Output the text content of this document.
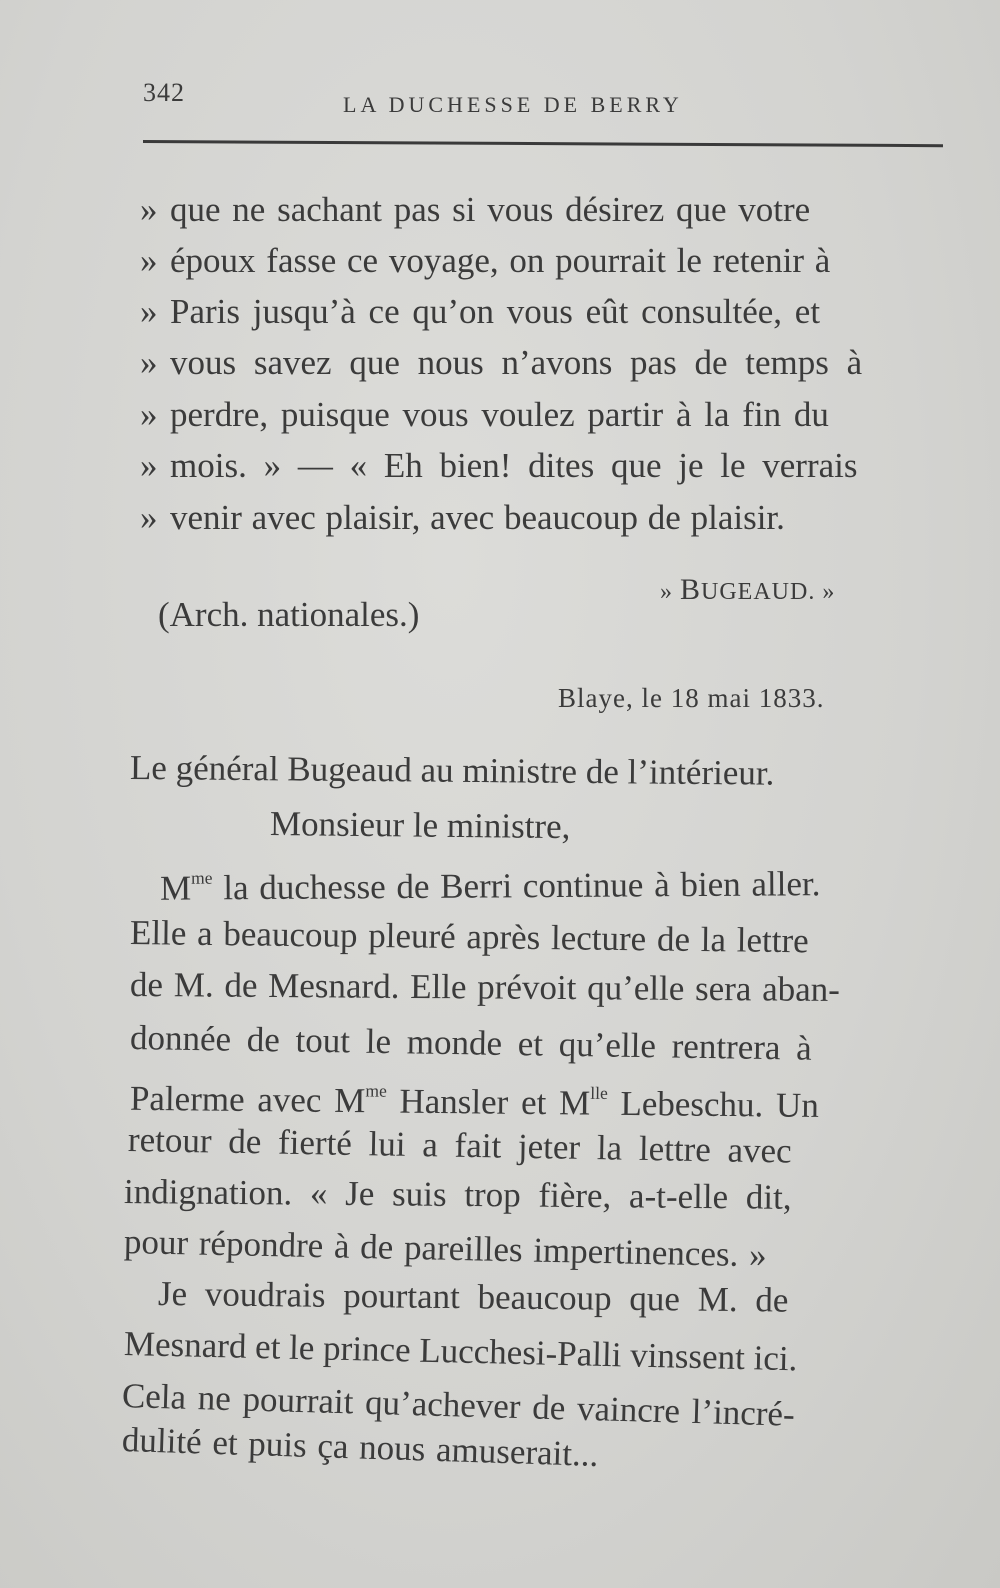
342	LA DUCHESSE DE BERRY
» que ne sachant pas si vous désirez que votre
» époux fasse ce voyage, on pourrait le retenir à
» Paris jusqu’à ce qu’on vous eût consultée, et
» vous savez que nous n’avons pas de temps à
» perdre, puisque vous voulez partir à la fin du
» mois. » — « Eh bien! dites que je le verrais
» venir avec plaisir, avec beaucoup de plaisir.
» BUGEAUD. »
(Arch. nationales.)
Blaye, le 18 mai 1833.
Le général Bugeaud au ministre de l’intérieur.
Monsieur le ministre,
$M^{me}$ la duchesse de Berri continue à bien aller.
Elle a beaucoup pleuré après lecture de la lettre
de M. de Mesnard. Elle prévoit qu’elle sera aban-
donnée de tout le monde et qu’elle rentrera à
Palerme avec $M^{me}$ Hansler et $M^{lle}$ Lebeschu. Un
retour de fierté lui a fait jeter la lettre avec
indignation. « Je suis trop fière, a-t-elle dit,
pour répondre à de pareilles impertinences. »
Je voudrais pourtant beaucoup que M. de
Mesnard et le prince Lucchesi-Palli vinssent ici.
Cela ne pourrait qu’achever de vaincre l’incré-
dulité et puis ça nous amuserait...
